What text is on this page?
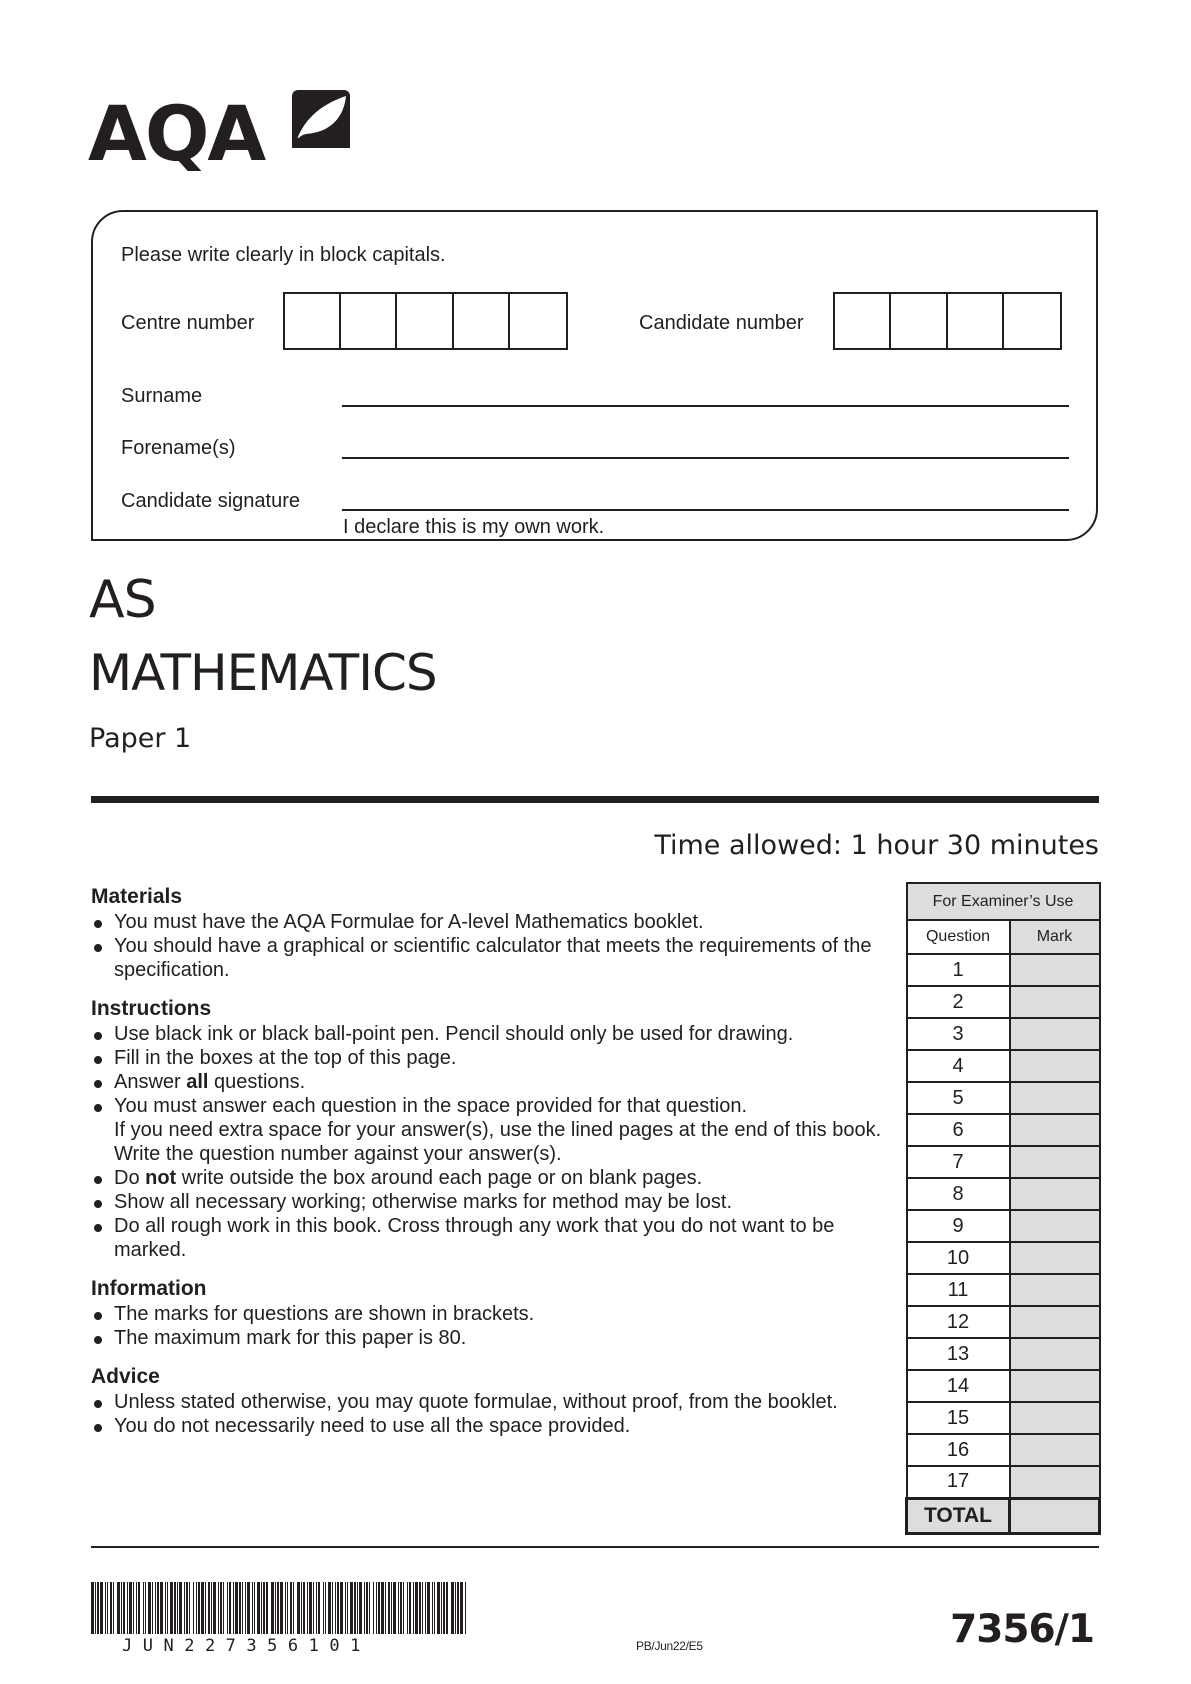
AQA
Please write clearly in block capitals.
Centre number	Candidate number
Surname
Forename(s)
Candidate signature
I declare this is my own work.
AS
MATHEMATICS
Paper 1
Time allowed: 1 hour 30 minutes
Materials
You must have the AQA Formulae for A-level Mathematics booklet.
You should have a graphical or scientific calculator that meets the requirements of the specification.
Instructions
Use black ink or black ball-point pen. Pencil should only be used for drawing.
Fill in the boxes at the top of this page.
Answer all questions.
You must answer each question in the space provided for that question.
If you need extra space for your answer(s), use the lined pages at the end of this book.  Write the question number against your answer(s).
Do not write outside the box around each page or on blank pages.
Show all necessary working; otherwise marks for method may be lost.
Do all rough work in this book. Cross through any work that you do not want to be marked.
Information
The marks for questions are shown in brackets.
The maximum mark for this paper is 80.
Advice
Unless stated otherwise, you may quote formulae, without proof, from the booklet.
You do not necessarily need to use all the space provided.
For Examiner’s Use	
Question	Mark
1	
2	
3	
4	
5	
6	
7	
8	
9	
10	
11	
12	
13	
14	
15	
16	
17	
TOTAL	
JUN227356101	PB/Jun22/E5	7356/1
